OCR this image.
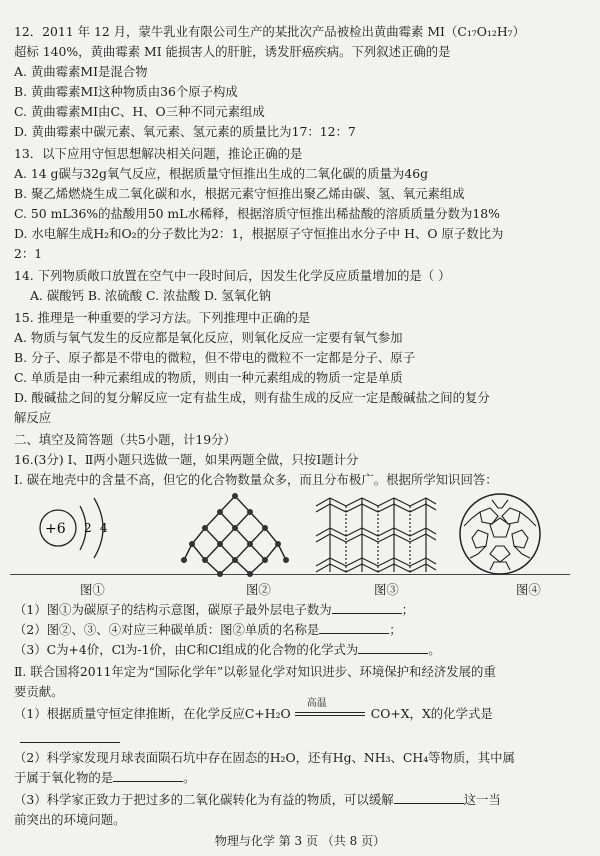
12．2011 年 12 月，蒙牛乳业有限公司生产的某批次产品被检出黄曲霉素 MI（C₁₇O₁₂H₇）
超标 140%，黄曲霉素 MI 能损害人的肝脏，诱发肝癌疾病。下列叙述正确的是
A. 黄曲霉素MI是混合物
B. 黄曲霉素MI这种物质由36个原子构成
C. 黄曲霉素MI由C、H、O三种不同元素组成
D. 黄曲霉素中碳元素、氧元素、氢元素的质量比为17：12：7
13．以下应用守恒思想解决相关问题，推论正确的是
A. 14 g碳与32g氧气反应，根据质量守恒推出生成的二氧化碳的质量为46g
B. 聚乙烯燃烧生成二氧化碳和水，根据元素守恒推出聚乙烯由碳、氢、氧元素组成
C. 50 mL36%的盐酸用50 mL水稀释，根据溶质守恒推出稀盐酸的溶质质量分数为18%
D. 水电解生成H₂和O₂的分子数比为2：1，根据原子守恒推出水分子中 H、O 原子数比为
2：1
14. 下列物质敞口放置在空气中一段时间后，因发生化学反应质量增加的是（ ）
A. 碳酸钙 B. 浓硫酸 C. 浓盐酸 D. 氢氧化钠
15. 推理是一种重要的学习方法。下列推理中正确的是
A. 物质与氧气发生的反应都是氧化反应，则氧化反应一定要有氧气参加
B. 分子、原子都是不带电的微粒，但不带电的微粒不一定都是分子、原子
C. 单质是由一种元素组成的物质，则由一种元素组成的物质一定是单质
D. 酸碱盐之间的复分解反应一定有盐生成，则有盐生成的反应一定是酸碱盐之间的复分
解反应
二、填空及简答题（共5小题，计19分）
16.(3分) Ⅰ、Ⅱ两小题只选做一题，如果两题全做，只按Ⅰ题计分
Ⅰ. 碳在地壳中的含量不高，但它的化合物数量众多，而且分布极广。根据所学知识回答：
+6 2 4
图①	图②	图③	图④
（1）图①为碳原子的结构示意图，碳原子最外层电子数为	；
（2）图②、③、④对应三种碳单质：图②单质的名称是	；
（3）C为+4价，Cl为-1价，由C和Cl组成的化合物的化学式为	。
Ⅱ. 联合国将2011年定为“国际化学年”以彰显化学对知识进步、环境保护和经济发展的重
要贡献。
（1）根据质量守恒定律推断，在化学反应C+H₂O
高温
CO+X，X的化学式是
（2）科学家发现月球表面陨石坑中存在固态的H₂O，还有Hg、NH₃、CH₄等物质，其中属
于属于氧化物的是	。
（3）科学家正致力于把过多的二氧化碳转化为有益的物质，可以缓解	这一当
前突出的环境问题。
物理与化学 第 3 页 （共 8 页）
